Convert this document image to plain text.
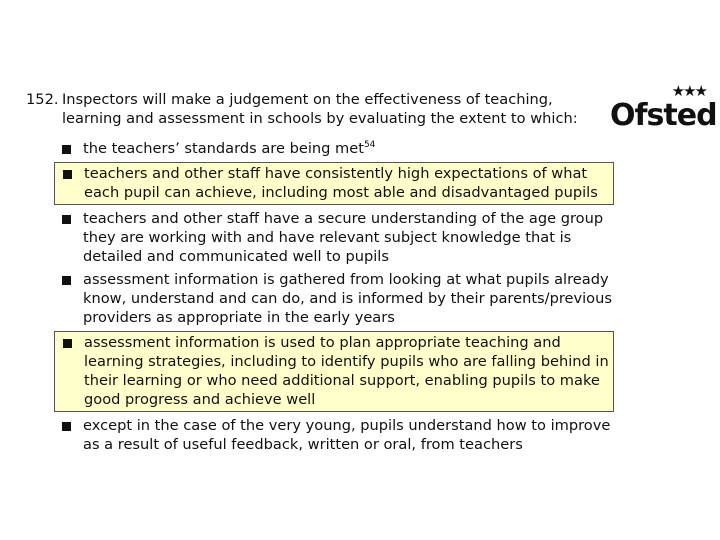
152. Inspectors will make a judgement on the effectiveness of teaching, learning and assessment in schools by evaluating the extent to which:
★★★
Ofsted
the teachers’ standards are being met$^{54}$
teachers and other staff have consistently high expectations of what each pupil can achieve, including most able and disadvantaged pupils
teachers and other staff have a secure understanding of the age group they are working with and have relevant subject knowledge that is detailed and communicated well to pupils
assessment information is gathered from looking at what pupils already know, understand and can do, and is informed by their parents/previous providers as appropriate in the early years
assessment information is used to plan appropriate teaching and learning strategies, including to identify pupils who are falling behind in their learning or who need additional support, enabling pupils to make good progress and achieve well
except in the case of the very young, pupils understand how to improve as a result of useful feedback, written or oral, from teachers
